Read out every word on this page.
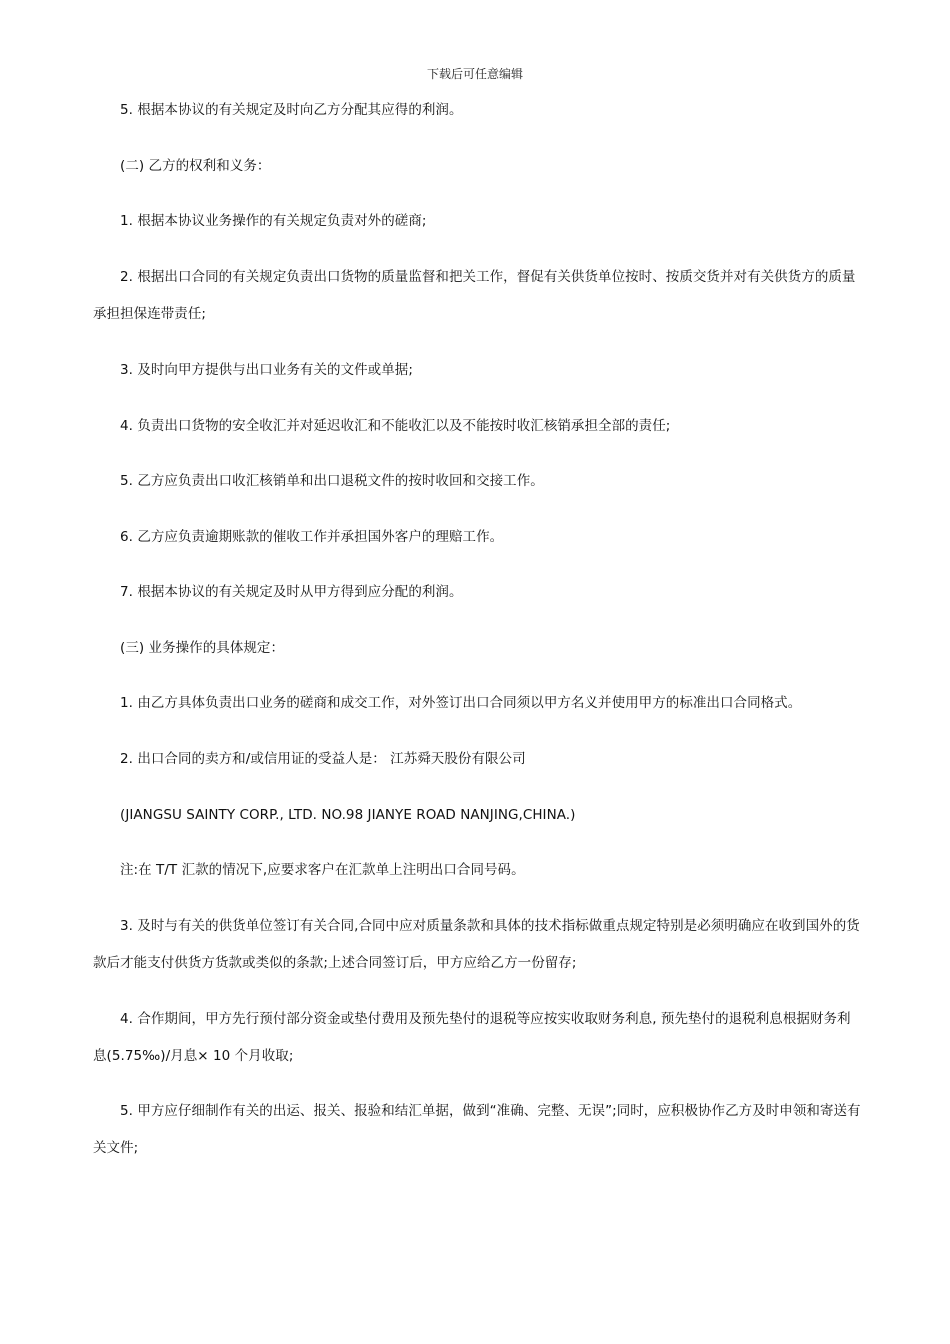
下载后可任意编辑

5. 根据本协议的有关规定及时向乙方分配其应得的利润。

(二) 乙方的权利和义务：

1. 根据本协议业务操作的有关规定负责对外的磋商;

2. 根据出口合同的有关规定负责出口货物的质量监督和把关工作，督促有关供货单位按时、按质交货并对有关供货方的质量承担担保连带责任;

3. 及时向甲方提供与出口业务有关的文件或单据;

4. 负责出口货物的安全收汇并对延迟收汇和不能收汇以及不能按时收汇核销承担全部的责任;

5. 乙方应负责出口收汇核销单和出口退税文件的按时收回和交接工作。

6. 乙方应负责逾期账款的催收工作并承担国外客户的理赔工作。

7. 根据本协议的有关规定及时从甲方得到应分配的利润。

(三) 业务操作的具体规定：

1. 由乙方具体负责出口业务的磋商和成交工作，对外签订出口合同须以甲方名义并使用甲方的标准出口合同格式。

2. 出口合同的卖方和/或信用证的受益人是： 江苏舜天股份有限公司

(JIANGSU SAINTY CORP., LTD. NO.98 JIANYE ROAD NANJING,CHINA.)

注:在 T/T 汇款的情况下,应要求客户在汇款单上注明出口合同号码。

3. 及时与有关的供货单位签订有关合同,合同中应对质量条款和具体的技术指标做重点规定特别是必须明确应在收到国外的货款后才能支付供货方货款或类似的条款;上述合同签订后，甲方应给乙方一份留存;

4. 合作期间，甲方先行预付部分资金或垫付费用及预先垫付的退税等应按实收取财务利息, 预先垫付的退税利息根据财务利息(5.75‰)/月息× 10 个月收取;

5. 甲方应仔细制作有关的出运、报关、报验和结汇单据，做到“准确、完整、无误”;同时，应积极协作乙方及时申领和寄送有关文件;
